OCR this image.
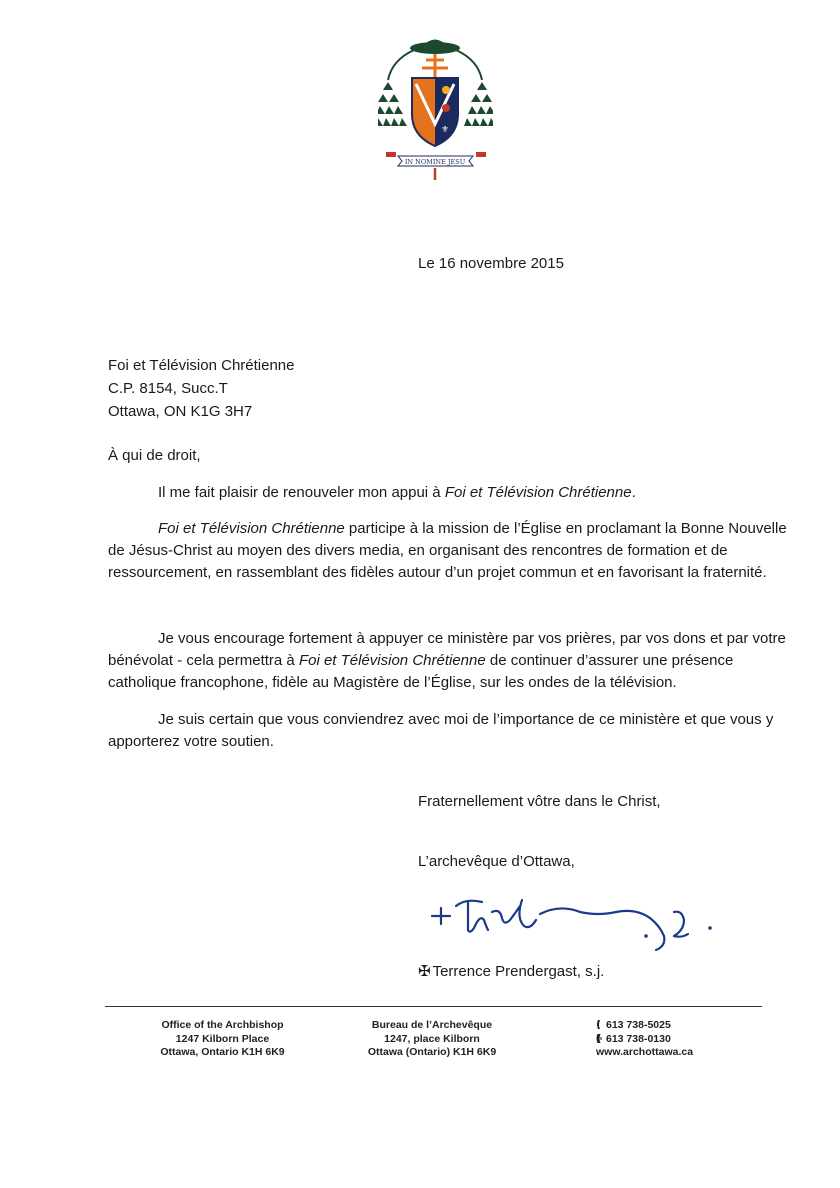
⚜
IN NOMINE JESU

Le 16 novembre 2015

Foi et Télévision Chrétienne

C.P. 8154, Succ.T

Ottawa, ON K1G 3H7

À qui de droit,

Il me fait plaisir de renouveler mon appui à Foi et Télévision Chrétienne.

Foi et Télévision Chrétienne participe à la mission de l’Église en proclamant la Bonne Nouvelle de Jésus-Christ au moyen des divers media, en organisant des rencontres de formation et de ressourcement, en rassemblant des fidèles autour d’un projet commun et en favorisant la fraternité.

Je vous encourage fortement à appuyer ce ministère par vos prières, par vos dons et par votre bénévolat - cela permettra à Foi et Télévision Chrétienne de continuer d’assurer une présence catholique francophone, fidèle au Magistère de l’Église, sur les ondes de la télévision.

Je suis certain que vous conviendrez avec moi de l’importance de ce ministère et que vous y apporterez votre soutien.

Fraternellement vôtre dans le Christ,

L’archevêque d’Ottawa,

✠ Terrence Prendergast, s.j.

Office of the Archbishop
1247 Kilborn Place
Ottawa, Ontario K1H 6K9
Bureau de l’Archevêque
1247, place Kilborn
Ottawa (Ontario) K1H 6K9
613 738-5025
613 738-0130
www.archottawa.ca
